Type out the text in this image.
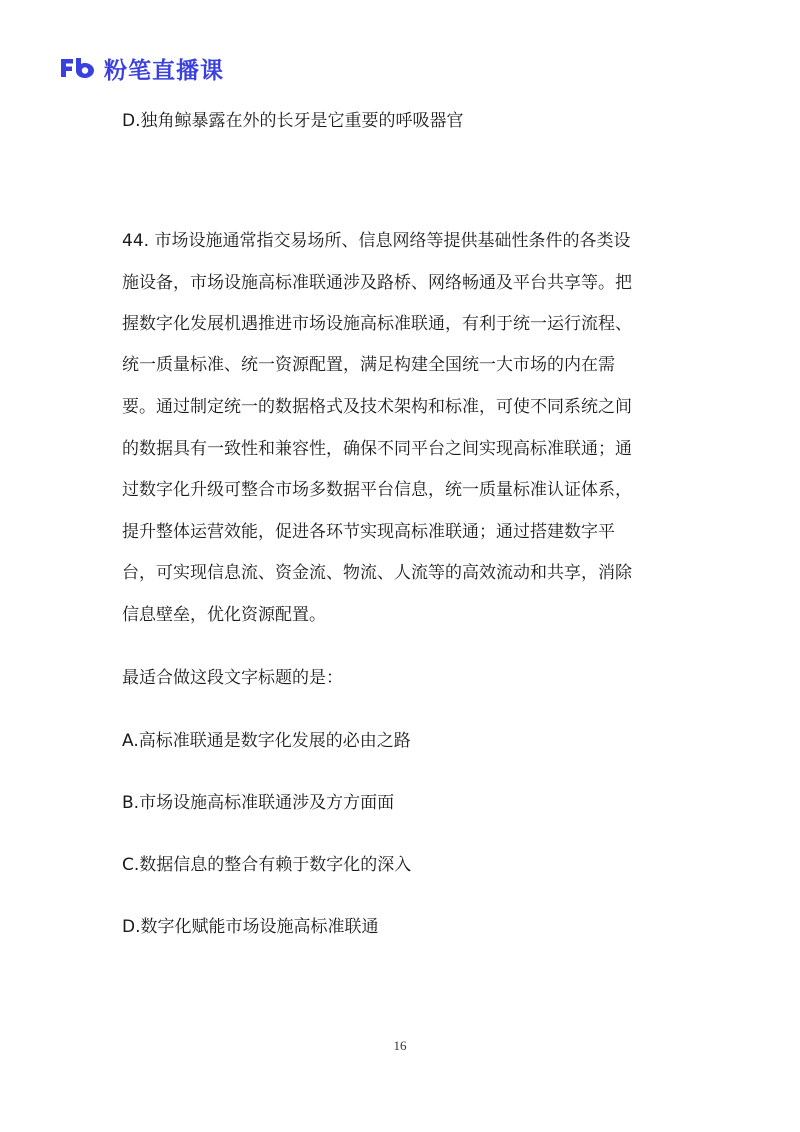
粉笔直播课
D.独角鲸暴露在外的长牙是它重要的呼吸器官
44. 市场设施通常指交易场所、信息网络等提供基础性条件的各类设
施设备，市场设施高标准联通涉及路桥、网络畅通及平台共享等。把
握数字化发展机遇推进市场设施高标准联通，有利于统一运行流程、
统一质量标准、统一资源配置，满足构建全国统一大市场的内在需
要。通过制定统一的数据格式及技术架构和标准，可使不同系统之间
的数据具有一致性和兼容性，确保不同平台之间实现高标准联通；通
过数字化升级可整合市场多数据平台信息，统一质量标准认证体系，
提升整体运营效能，促进各环节实现高标准联通；通过搭建数字平
台，可实现信息流、资金流、物流、人流等的高效流动和共享，消除
信息壁垒，优化资源配置。
最适合做这段文字标题的是：
A.高标准联通是数字化发展的必由之路
B.市场设施高标准联通涉及方方面面
C.数据信息的整合有赖于数字化的深入
D.数字化赋能市场设施高标准联通
16
